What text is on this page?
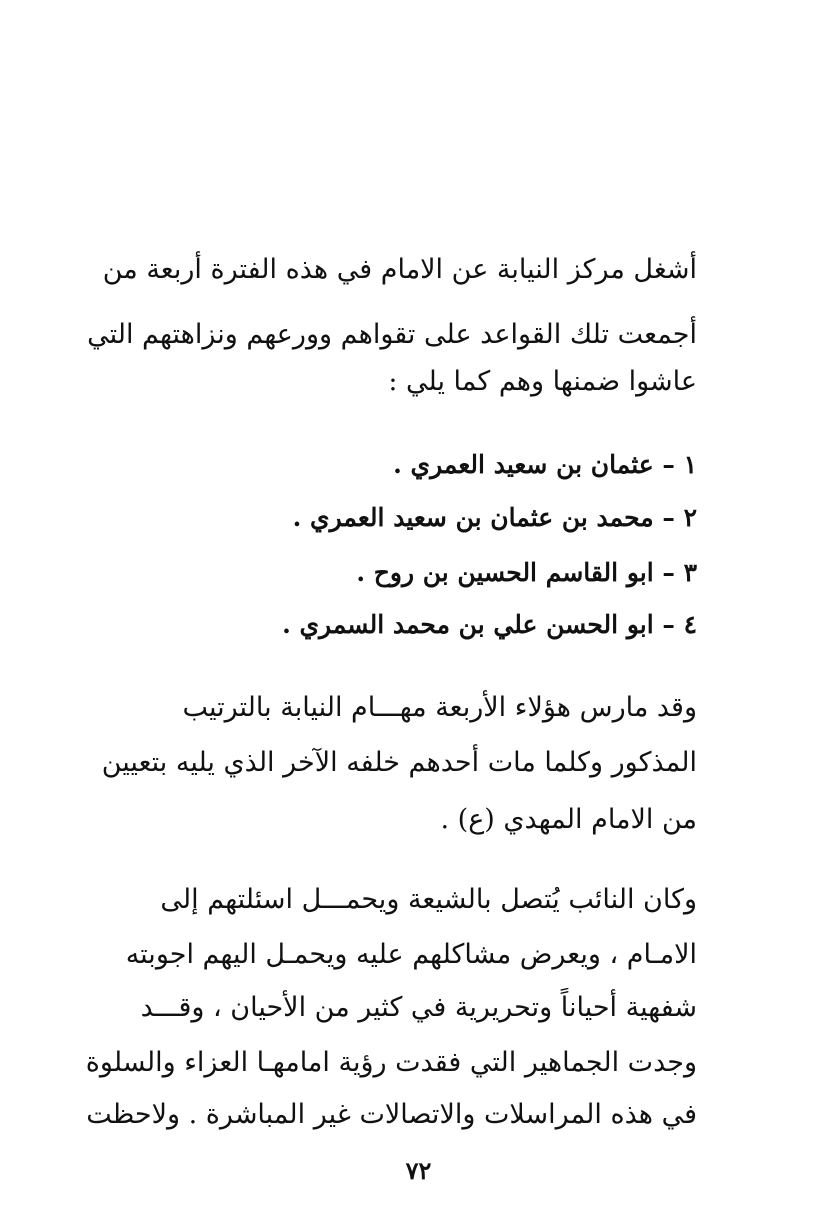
أشغل مركز النيابة عن الامام في هذه الفترة أربعة من
أجمعت تلك القواعد على تقواهم وورعهم ونزاهتهم التي
عاشوا ضمنها وهم كما يلي :
١ – عثمان بن سعيد العمري .
٢ – محمد بن عثمان بن سعيد العمري .
٣ – ابو القاسم الحسين بن روح .
٤ – ابو الحسن علي بن محمد السمري .
وقد مارس هؤلاء الأربعة مهـــام النيابة بالترتيب
المذكور وكلما مات أحدهم خلفه الآخر الذي يليه بتعيين
من الامام المهدي (ع) .
وكان النائب يُتصل بالشيعة ويحمـــل اسئلتهم إلى
الامـام ، ويعرض مشاكلهم عليه ويحمـل اليهم اجوبته
شفهية أحياناً وتحريرية في كثير من الأحيان ، وقـــد
وجدت الجماهير التي فقدت رؤية امامهـا العزاء والسلوة
في هذه المراسلات والاتصالات غير المباشرة . ولاحظت
٧٢
